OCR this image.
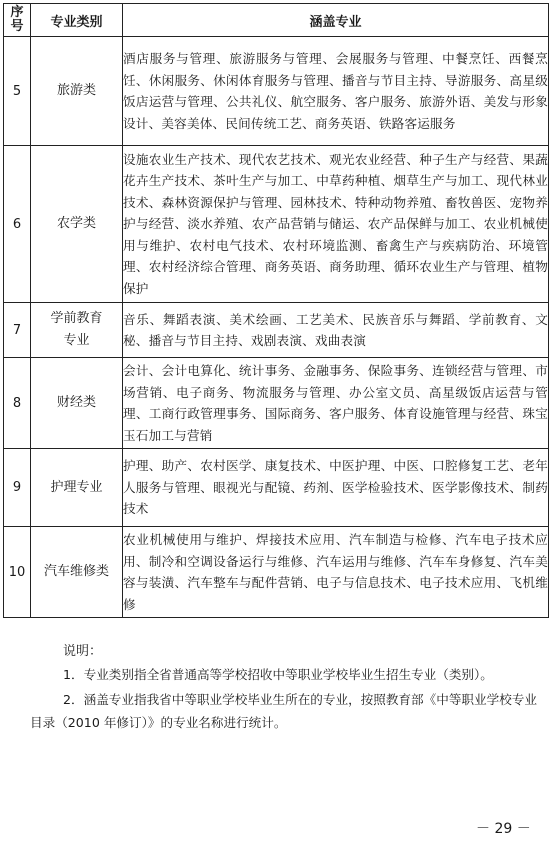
序
号	专业类别	涵盖专业
5	旅游类	酒店服务与管理、旅游服务与管理、会展服务与管理、中餐烹饪、西餐烹饪、休闲服务、休闲体育服务与管理、播音与节目主持、导游服务、高星级饭店运营与管理、公共礼仪、航空服务、客户服务、旅游外语、美发与形象设计、美容美体、民间传统工艺、商务英语、铁路客运服务
6	农学类	设施农业生产技术、现代农艺技术、观光农业经营、种子生产与经营、果蔬花卉生产技术、茶叶生产与加工、中草药种植、烟草生产与加工、现代林业技术、森林资源保护与管理、园林技术、特种动物养殖、畜牧兽医、宠物养护与经营、淡水养殖、农产品营销与储运、农产品保鲜与加工、农业机械使用与维护、农村电气技术、农村环境监测、畜禽生产与疾病防治、环境管理、农村经济综合管理、商务英语、商务助理、循环农业生产与管理、植物保护
7	学前教育专业	音乐、舞蹈表演、美术绘画、工艺美术、民族音乐与舞蹈、学前教育、文秘、播音与节目主持、戏剧表演、戏曲表演
8	财经类	会计、会计电算化、统计事务、金融事务、保险事务、连锁经营与管理、市场营销、电子商务、物流服务与管理、办公室文员、高星级饭店运营与管理、工商行政管理事务、国际商务、客户服务、体育设施管理与经营、珠宝玉石加工与营销
9	护理专业	护理、助产、农村医学、康复技术、中医护理、中医、口腔修复工艺、老年人服务与管理、眼视光与配镜、药剂、医学检验技术、医学影像技术、制药技术
10	汽车维修类	农业机械使用与维护、焊接技术应用、汽车制造与检修、汽车电子技术应用、制冷和空调设备运行与维修、汽车运用与维修、汽车车身修复、汽车美容与装潢、汽车整车与配件营销、电子与信息技术、电子技术应用、飞机维修
说明：
1．专业类别指全省普通高等学校招收中等职业学校毕业生招生专业（类别）。
2．涵盖专业指我省中等职业学校毕业生所在的专业，按照教育部《中等职业学校专业目录（2010 年修订）》的专业名称进行统计。
－ 29 －
